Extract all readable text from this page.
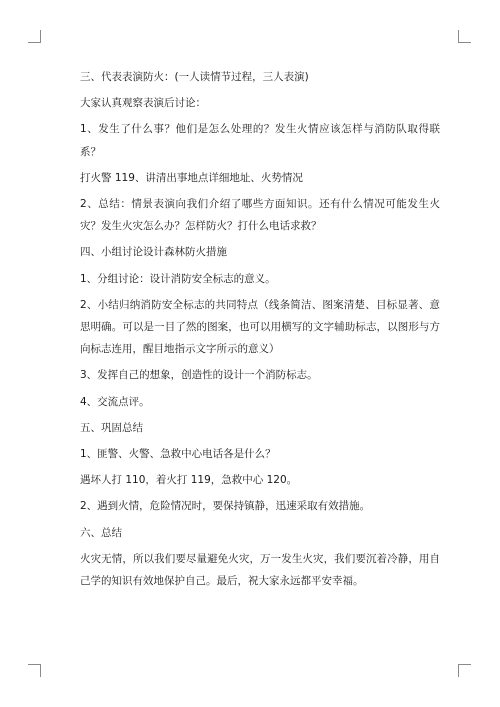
三、代表表演防火：(一人读情节过程，三人表演)

大家认真观察表演后讨论：

1、发生了什么事？他们是怎么处理的？发生火情应该怎样与消防队取得联系？

打火警 119、讲清出事地点详细地址、火势情况

2、总结：情景表演向我们介绍了哪些方面知识。还有什么情况可能发生火灾？发生火灾怎么办？怎样防火？打什么电话求救？

四、小组讨论设计森林防火措施

1、分组讨论：设计消防安全标志的意义。

2、小结归纳消防安全标志的共同特点（线条简洁、图案清楚、目标显著、意思明确。可以是一目了然的图案，也可以用横写的文字辅助标志，以图形与方向标志连用，醒目地指示文字所示的意义）

3、发挥自己的想象，创造性的设计一个消防标志。

4、交流点评。

五、巩固总结

1、匪警、火警、急救中心电话各是什么？

遇坏人打 110，着火打 119，急救中心 120。

2、遇到火情，危险情况时，要保持镇静，迅速采取有效措施。

六、总结

火灾无情，所以我们要尽量避免火灾，万一发生火灾，我们要沉着冷静，用自己学的知识有效地保护自己。最后，祝大家永远都平安幸福。
